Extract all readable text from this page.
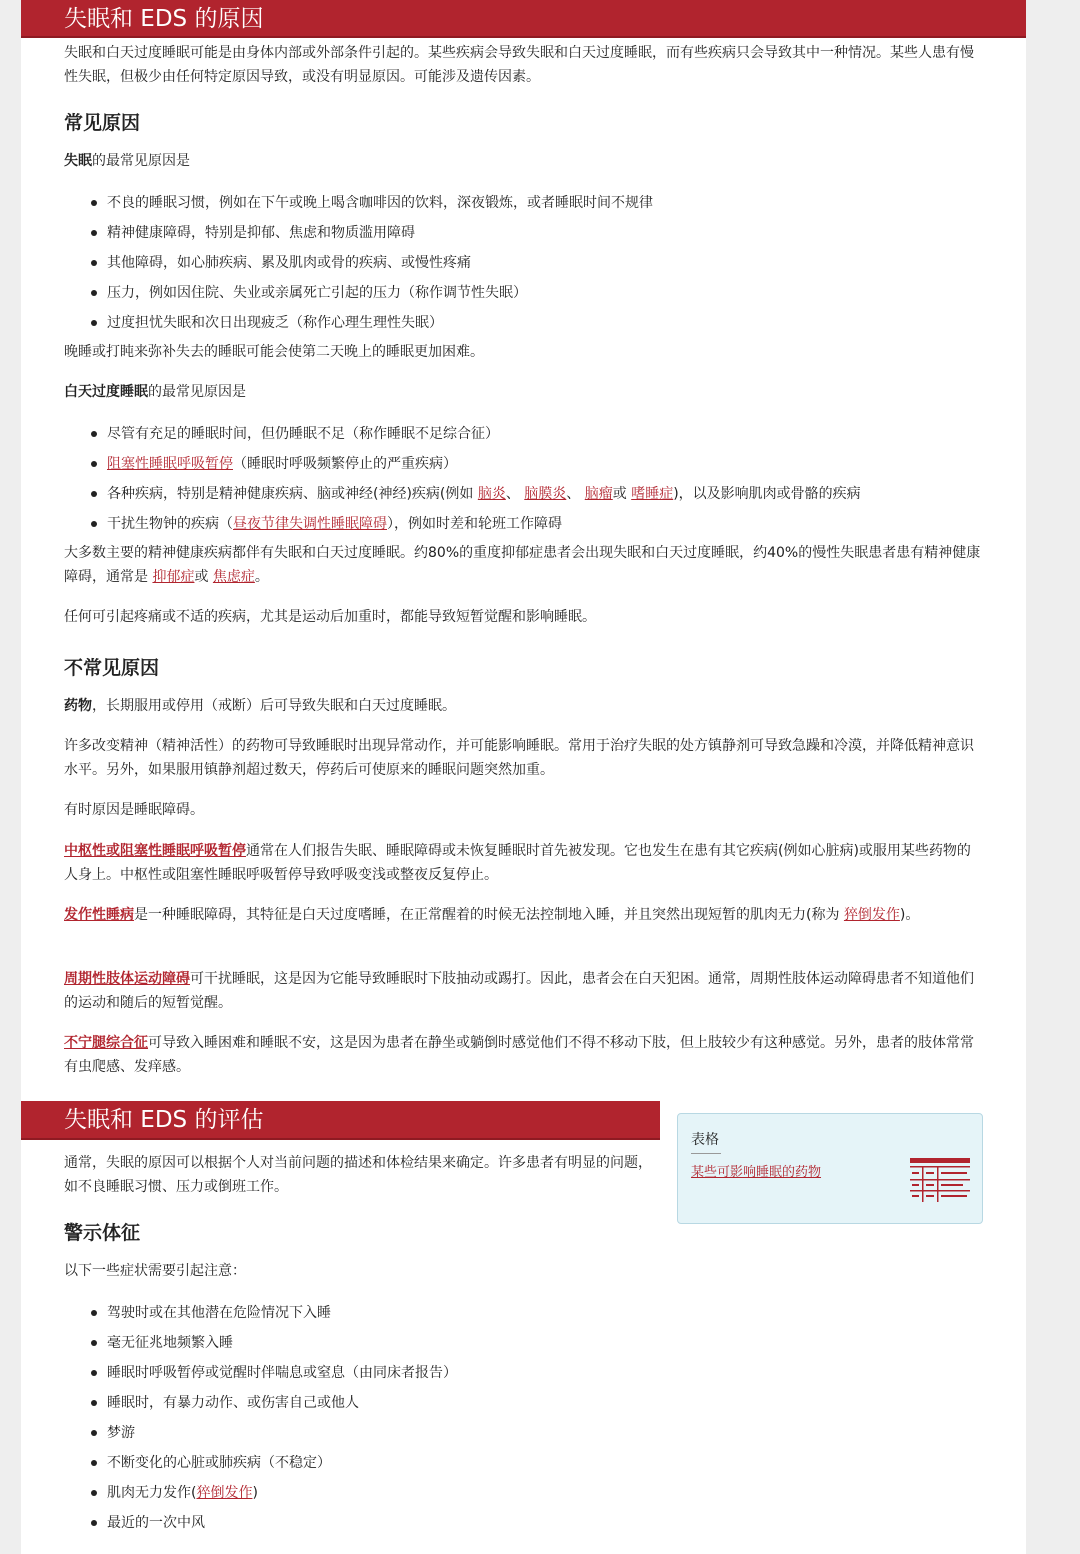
失眠和 EDS 的原因

失眠和白天过度睡眠可能是由身体内部或外部条件引起的。某些疾病会导致失眠和白天过度睡眠，而有些疾病只会导致其中一种情况。某些人患有慢性失眠，但极少由任何特定原因导致，或没有明显原因。可能涉及遗传因素。

常见原因

失眠的最常见原因是

不良的睡眠习惯，例如在下午或晚上喝含咖啡因的饮料，深夜锻炼，或者睡眠时间不规律
精神健康障碍，特别是抑郁、焦虑和物质滥用障碍
其他障碍，如心肺疾病、累及肌肉或骨的疾病、或慢性疼痛
压力，例如因住院、失业或亲属死亡引起的压力（称作调节性失眠）
过度担忧失眠和次日出现疲乏（称作心理生理性失眠）

晚睡或打盹来弥补失去的睡眠可能会使第二天晚上的睡眠更加困难。

白天过度睡眠的最常见原因是

尽管有充足的睡眠时间，但仍睡眠不足（称作睡眠不足综合征）
阻塞性睡眠呼吸暂停（睡眠时呼吸频繁停止的严重疾病）
各种疾病，特别是精神健康疾病、脑或神经(神经)疾病(例如 脑炎、 脑膜炎、 脑瘤或 嗜睡症)，以及影响肌肉或骨骼的疾病
干扰生物钟的疾病（昼夜节律失调性睡眠障碍），例如时差和轮班工作障碍

大多数主要的精神健康疾病都伴有失眠和白天过度睡眠。约80%的重度抑郁症患者会出现失眠和白天过度睡眠，约40%的慢性失眠患者患有精神健康障碍，通常是 抑郁症或 焦虑症。

任何可引起疼痛或不适的疾病，尤其是运动后加重时，都能导致短暂觉醒和影响睡眠。

不常见原因

药物，长期服用或停用（戒断）后可导致失眠和白天过度睡眠。

许多改变精神（精神活性）的药物可导致睡眠时出现异常动作，并可能影响睡眠。常用于治疗失眠的处方镇静剂可导致急躁和冷漠，并降低精神意识水平。另外，如果服用镇静剂超过数天，停药后可使原来的睡眠问题突然加重。

有时原因是睡眠障碍。

中枢性或阻塞性睡眠呼吸暂停通常在人们报告失眠、睡眠障碍或未恢复睡眠时首先被发现。它也发生在患有其它疾病(例如心脏病)或服用某些药物的人身上。中枢性或阻塞性睡眠呼吸暂停导致呼吸变浅或整夜反复停止。

发作性睡病是一种睡眠障碍，其特征是白天过度嗜睡，在正常醒着的时候无法控制地入睡，并且突然出现短暂的肌肉无力(称为 猝倒发作)。

周期性肢体运动障碍可干扰睡眠，这是因为它能导致睡眠时下肢抽动或踢打。因此，患者会在白天犯困。通常，周期性肢体运动障碍患者不知道他们的运动和随后的短暂觉醒。

不宁腿综合征可导致入睡困难和睡眠不安，这是因为患者在静坐或躺倒时感觉他们不得不移动下肢，但上肢较少有这种感觉。另外，患者的肢体常常有虫爬感、发痒感。

失眠和 EDS 的评估

通常，失眠的原因可以根据个人对当前问题的描述和体检结果来确定。许多患者有明显的问题，如不良睡眠习惯、压力或倒班工作。

表格
某些可影响睡眠的药物
警示体征

以下一些症状需要引起注意：

驾驶时或在其他潜在危险情况下入睡
毫无征兆地频繁入睡
睡眠时呼吸暂停或觉醒时伴喘息或窒息（由同床者报告）
睡眠时，有暴力动作、或伤害自己或他人
梦游
不断变化的心脏或肺疾病（不稳定）
肌肉无力发作(猝倒发作)
最近的一次中风
